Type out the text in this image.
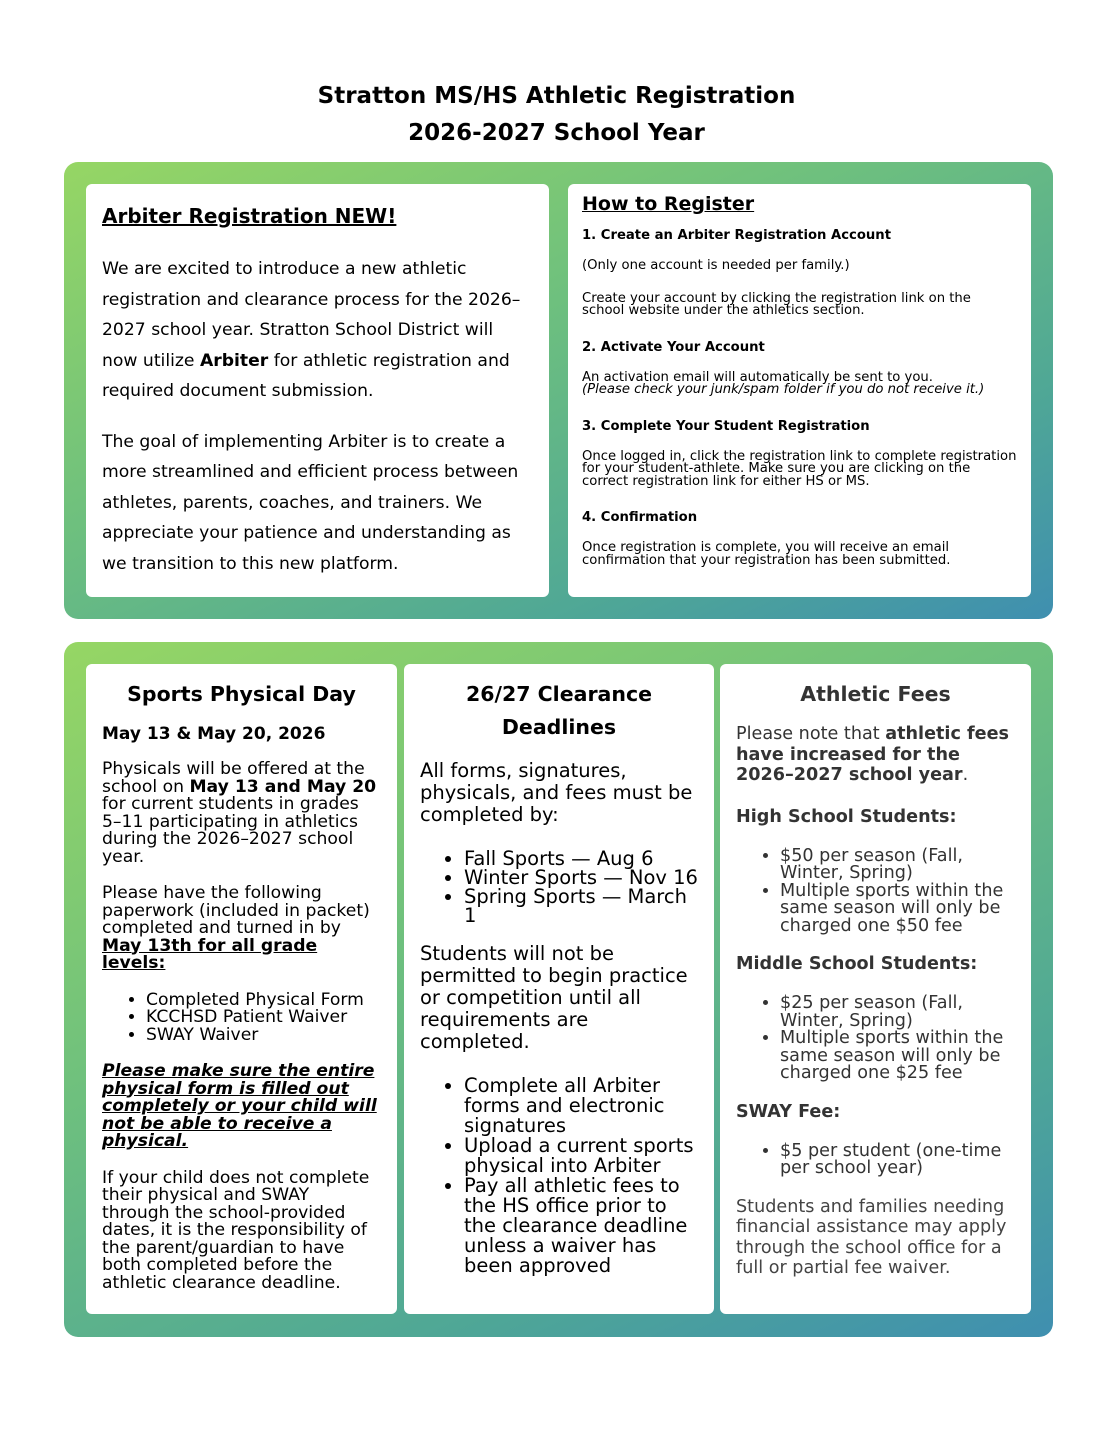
Stratton MS/HS Athletic Registration
2026-2027 School Year
Arbiter Registration NEW!

We are excited to introduce a new athletic registration and clearance process for the 2026–2027 school year. Stratton School District will now utilize Arbiter for athletic registration and required document submission.

The goal of implementing Arbiter is to create a more streamlined and efficient process between athletes, parents, coaches, and trainers. We appreciate your patience and understanding as we transition to this new platform.

How to Register

1. Create an Arbiter Registration Account

(Only one account is needed per family.)

Create your account by clicking the registration link on the school website under the athletics section.

2. Activate Your Account

An activation email will automatically be sent to you.
(Please check your junk/spam folder if you do not receive it.)

3. Complete Your Student Registration

Once logged in, click the registration link to complete registration for your student-athlete. Make sure you are clicking on the correct registration link for either HS or MS.

4. Confirmation

Once registration is complete, you will receive an email confirmation that your registration has been submitted.

Sports Physical Day

May 13 & May 20, 2026

Physicals will be offered at the school on May 13 and May 20 for current students in grades 5–11 participating in athletics during the 2026–2027 school year.

Please have the following paperwork (included in packet) completed and turned in by May 13th for all grade levels:

• Completed Physical Form
• KCCHSD Patient Waiver
• SWAY Waiver

Please make sure the entire physical form is filled out completely or your child will not be able to receive a physical.

If your child does not complete their physical and SWAY through the school-provided dates, it is the responsibility of the parent/guardian to have both completed before the athletic clearance deadline.

26/27 Clearance Deadlines

All forms, signatures, physicals, and fees must be completed by:

• Fall Sports — Aug 6
• Winter Sports — Nov 16
• Spring Sports — March 1

Students will not be permitted to begin practice or competition until all requirements are completed.

• Complete all Arbiter forms and electronic signatures
• Upload a current sports physical into Arbiter
• Pay all athletic fees to the HS office prior to the clearance deadline unless a waiver has been approved
Athletic Fees

Please note that athletic fees have increased for the 2026–2027 school year.

High School Students:

• $50 per season (Fall, Winter, Spring)
• Multiple sports within the same season will only be charged one $50 fee

Middle School Students:

• $25 per season (Fall, Winter, Spring)
• Multiple sports within the same season will only be charged one $25 fee

SWAY Fee:

• $5 per student (one-time per school year)

Students and families needing financial assistance may apply through the school office for a full or partial fee waiver.
